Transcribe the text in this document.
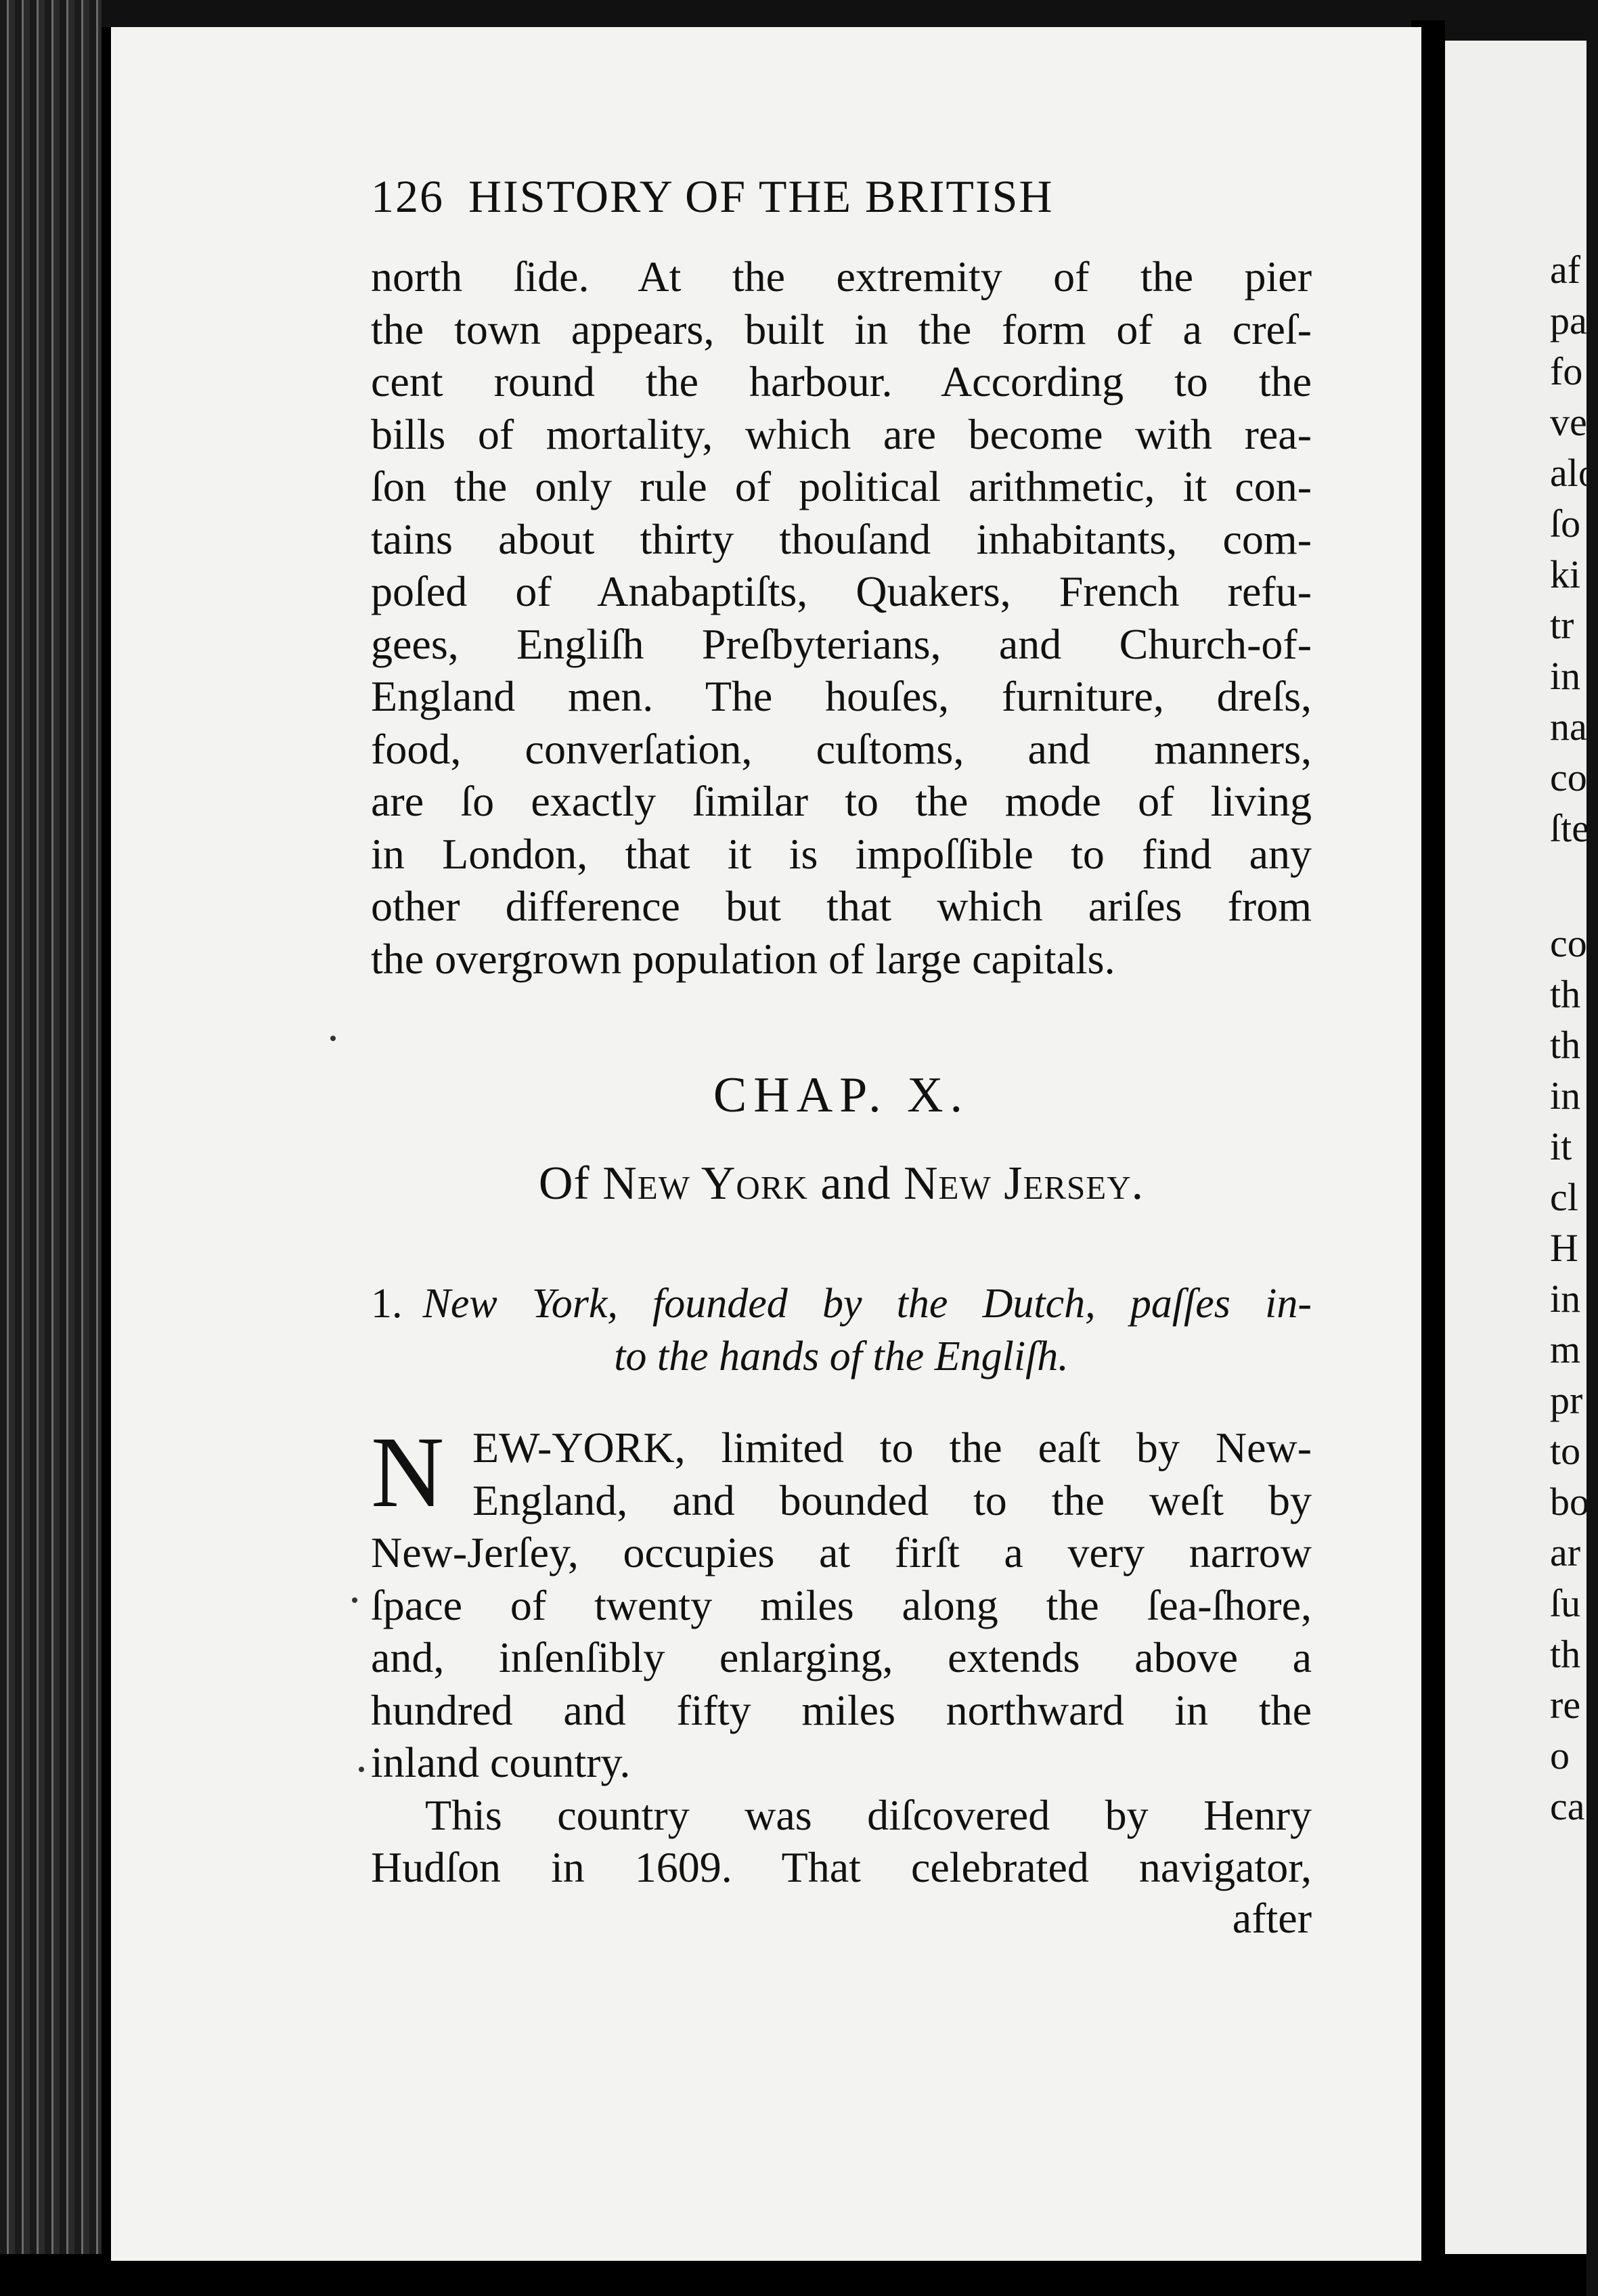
126 HISTORY OF THE BRITISH
north ſide. At the extremity of the pier
the town appears, built in the form of a creſ-
cent round the harbour. According to the
bills of mortality, which are become with rea-
ſon the only rule of political arithmetic, it con-
tains about thirty thouſand inhabitants, com-
poſed of Anabaptiſts, Quakers, French refu-
gees, Engliſh Preſbyterians, and Church-of-
England men. The houſes, furniture, dreſs,
food, converſation, cuſtoms, and manners,
are ſo exactly ſimilar to the mode of living
in London, that it is impoſſible to find any
other difference but that which ariſes from
the overgrown population of large capitals.
CHAP. X.
Of New York and New Jersey.
1. New York, founded by the Dutch, paſſes in-
to the hands of the Engliſh.
N EW-YORK, limited to the eaſt by New-
England, and bounded to the weſt by
New-Jerſey, occupies at firſt a very narrow
ſpace of twenty miles along the ſea-ſhore,
and, inſenſibly enlarging, extends above a
hundred and fifty miles northward in the
inland country.
This country was diſcovered by Henry
Hudſon in 1609. That celebrated navigator,
after
af
pa
fo
ve
alo
ſo
ki
tr
in
na
co
ſte
co
th
th
in
it
cl
H
in
m
pr
to
bo
ar
ſu
th
re
o
ca
